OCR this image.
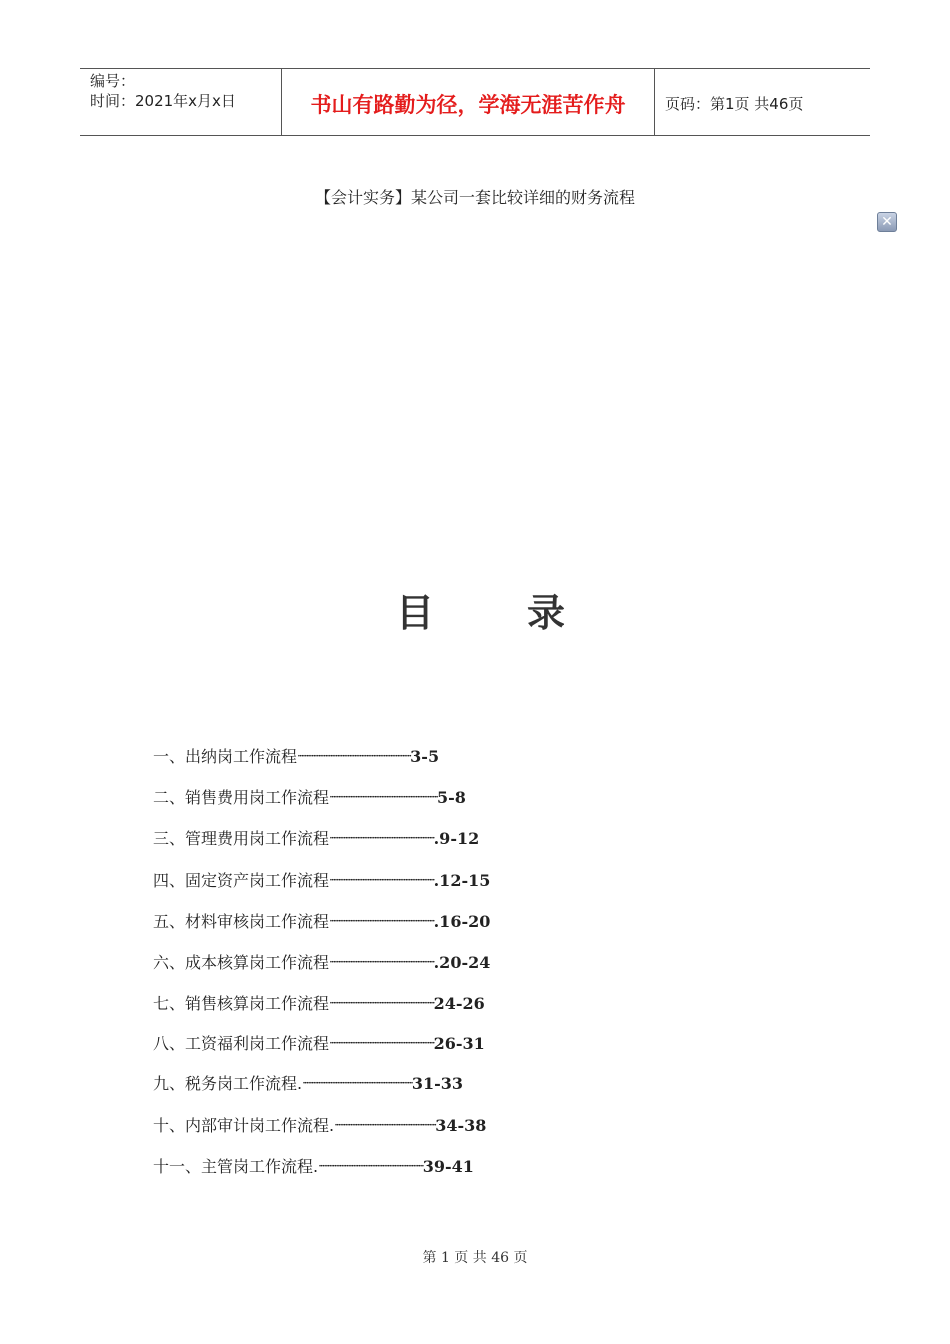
编号：
时间：2021年x月x日	书山有路勤为径，学海无涯苦作舟	页码：第1页 共46页
【会计实务】某公司一套比较详细的财务流程
✕
目 录
一、出纳岗工作流程··································································3-5
二、销售费用岗工作流程·······························································5-8
三、管理费用岗工作流程·····························································.9-12
四、固定资产岗工作流程·····························································.12-15
五、材料审核岗工作流程·····························································.16-20
六、成本核算岗工作流程·····························································.20-24
七、销售核算岗工作流程·····························································24-26
八、工资福利岗工作流程·····························································26-31
九、税务岗工作流程.································································31-33
十、内部审计岗工作流程.···························································34-38
十一、主管岗工作流程.·····························································39-41
第 1 页 共 46 页
